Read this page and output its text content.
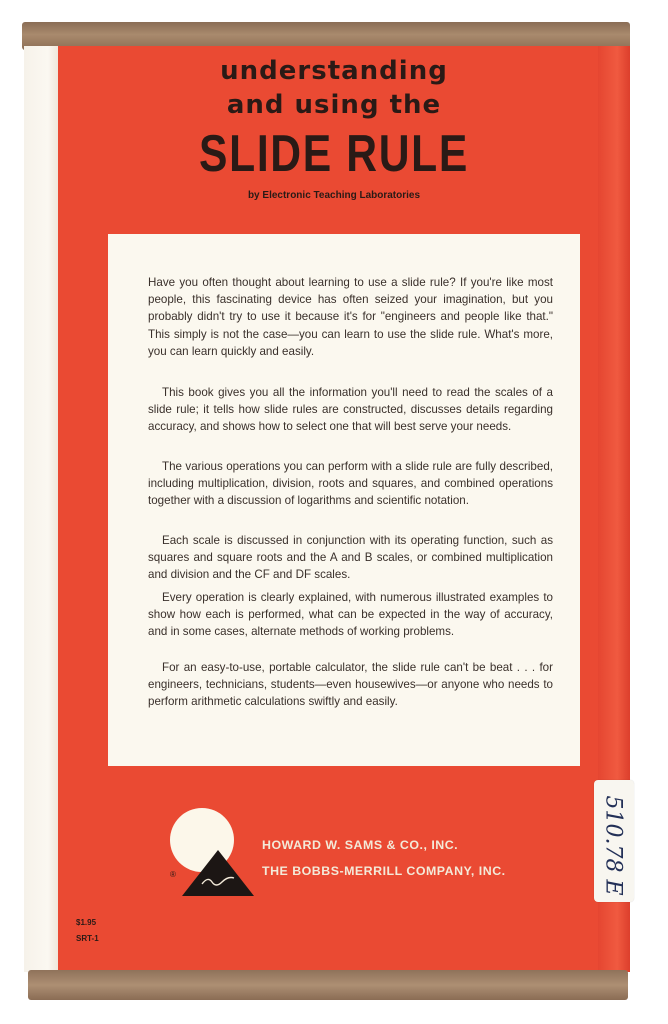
understanding
and using the
SLIDE RULE
by Electronic Teaching Laboratories

Have you often thought about learning to use a slide rule? If you're like most people, this fascinating device has often seized your imagination, but you probably didn't try to use it because it's for "engineers and people like that." This simply is not the case—you can learn to use the slide rule. What's more, you can learn quickly and easily.

This book gives you all the information you'll need to read the scales of a slide rule; it tells how slide rules are constructed, discusses details regarding accuracy, and shows how to select one that will best serve your needs.

The various operations you can perform with a slide rule are fully described, including multiplication, division, roots and squares, and combined operations together with a discussion of logarithms and scientific notation.

Each scale is discussed in conjunction with its operating function, such as squares and square roots and the A and B scales, or combined multiplication and division and the CF and DF scales.

Every operation is clearly explained, with numerous illustrated examples to show how each is performed, what can be expected in the way of accuracy, and in some cases, alternate methods of working problems.

For an easy-to-use, portable calculator, the slide rule can't be beat . . . for engineers, technicians, students—even housewives—or anyone who needs to perform arithmetic calculations swiftly and easily.

®
HOWARD W. SAMS & CO., INC.
THE BOBBS-MERRILL COMPANY, INC.
$1.95
SRT-1
510.78 E
